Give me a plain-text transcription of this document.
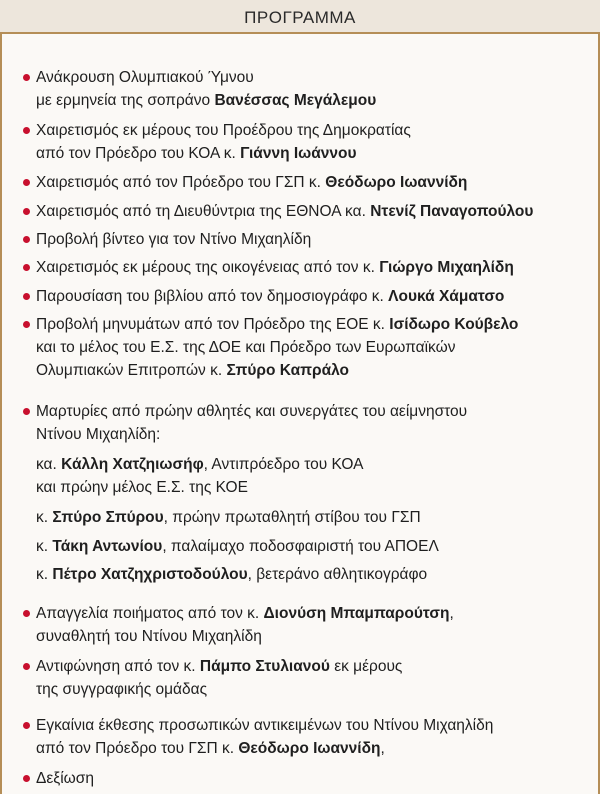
ΠΡΟΓΡΑΜΜΑ
Ανάκρουση Ολυμπιακού Ύμνου
με ερμηνεία της σοπράνο Βανέσσας Μεγάλεμου
Χαιρετισμός εκ μέρους του Προέδρου της Δημοκρατίας
από τον Πρόεδρο του ΚΟΑ κ. Γιάννη Ιωάννου
Χαιρετισμός από τον Πρόεδρο του ΓΣΠ κ. Θεόδωρο Ιωαννίδη
Χαιρετισμός από τη Διευθύντρια της ΕΘΝΟΑ κα. Ντενίζ Παναγοπούλου
Προβολή βίντεο για τον Ντίνο Μιχαηλίδη
Χαιρετισμός εκ μέρους της οικογένειας από τον κ. Γιώργο Μιχαηλίδη
Παρουσίαση του βιβλίου από τον δημοσιογράφο κ. Λουκά Χάματσο
Προβολή μηνυμάτων από τον Πρόεδρο της ΕΟΕ κ. Ισίδωρο Κούβελο
και το μέλος του Ε.Σ. της ΔΟΕ και Πρόεδρο των Ευρωπαϊκών
Ολυμπιακών Επιτροπών κ. Σπύρο Καπράλο
Μαρτυρίες από πρώην αθλητές και συνεργάτες του αείμνηστου
Ντίνου Μιχαηλίδη:
κα. Κάλλη Χατζηιωσήφ, Αντιπρόεδρο του ΚΟΑ
και πρώην μέλος Ε.Σ. της ΚΟΕ
κ. Σπύρο Σπύρου, πρώην πρωταθλητή στίβου του ΓΣΠ
κ. Τάκη Αντωνίου, παλαίμαχο ποδοσφαιριστή του ΑΠΟΕΛ
κ. Πέτρο Χατζηχριστοδούλου, βετεράνο αθλητικογράφο
Απαγγελία ποιήματος από τον κ. Διονύση Μπαμπαρούτση,
συναθλητή του Ντίνου Μιχαηλίδη
Αντιφώνηση από τον κ. Πάμπο Στυλιανού εκ μέρους
της συγγραφικής ομάδας
Εγκαίνια έκθεσης προσωπικών αντικειμένων του Ντίνου Μιχαηλίδη
από τον Πρόεδρο του ΓΣΠ κ. Θεόδωρο Ιωαννίδη,
Δεξίωση
